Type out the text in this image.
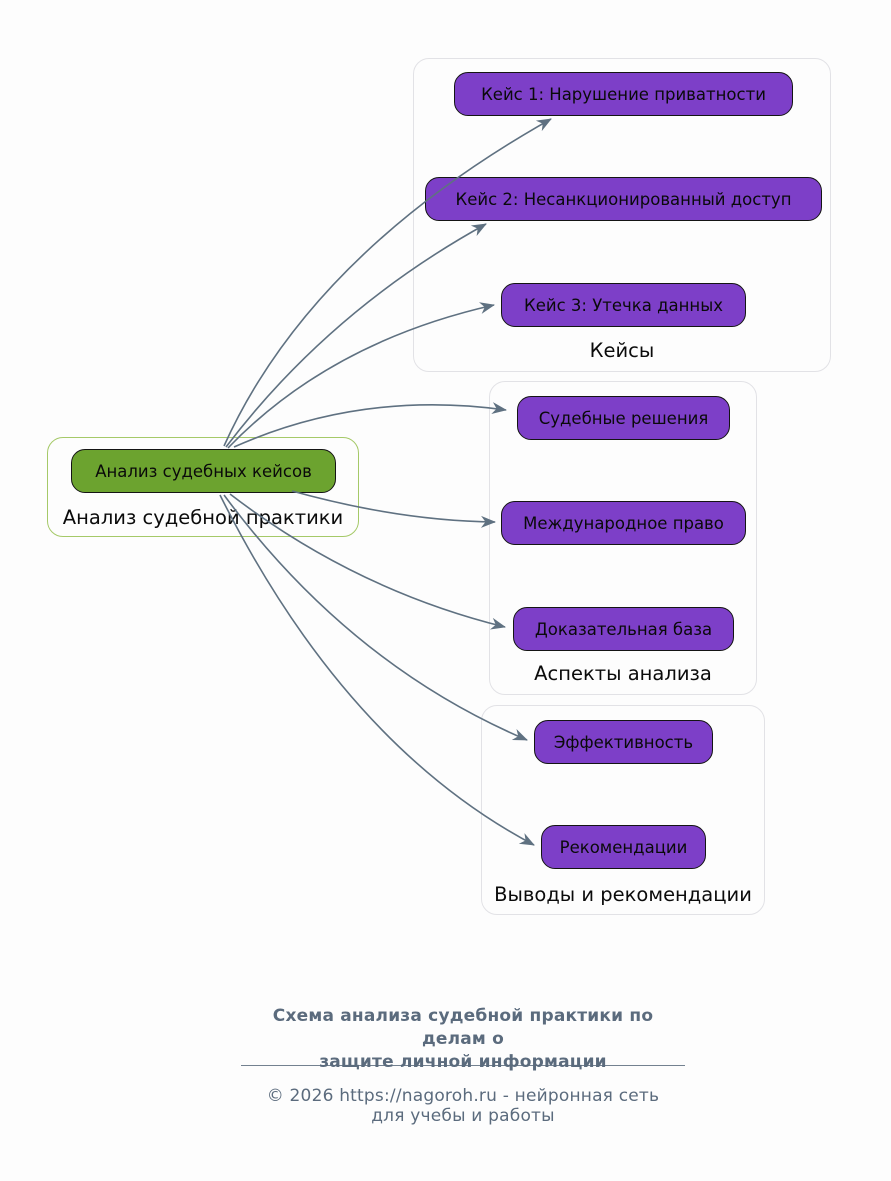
Анализ судебных кейсов
Анализ судебной практики
Кейс 1: Нарушение приватности
Кейс 2: Несанкционированный доступ
Кейс 3: Утечка данных
Кейсы
Судебные решения
Международное право
Доказательная база
Аспекты анализа
Эффективность
Рекомендации
Выводы и рекомендации
Схема анализа судебной практики по делам о
защите личной информации
© 2026 https://nagoroh.ru - нейронная сеть для учебы и работы
